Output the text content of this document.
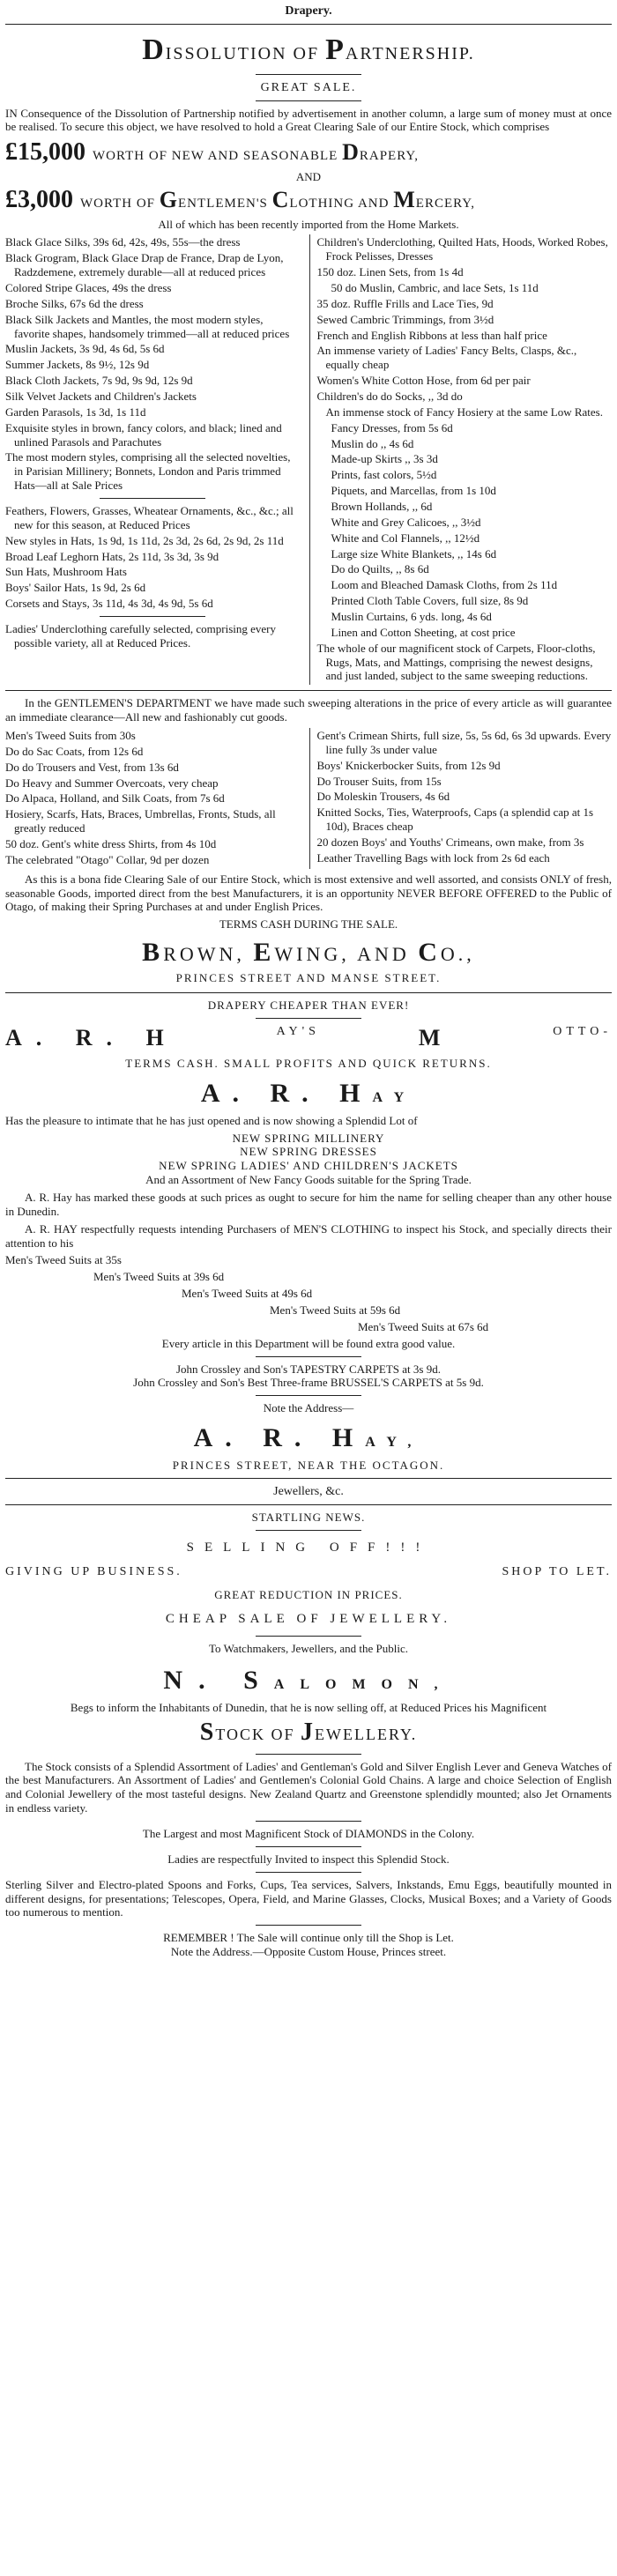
Drapery.
DISSOLUTION OF PARTNERSHIP.
GREAT SALE.

IN Consequence of the Dissolution of Partnership notified by advertisement in another column, a large sum of money must at once be realised. To secure this object, we have resolved to hold a Great Clearing Sale of our Entire Stock, which comprises

£15,000 WORTH OF NEW AND SEASONABLE DRAPERY,
AND
£3,000 WORTH OF GENTLEMEN'S CLOTHING AND MERCERY,
All of which has been recently imported from the Home Markets.
Black Glace Silks, 39s 6d, 42s, 49s, 55s—the dress
Black Grogram, Black Glace Drap de France, Drap de Lyon, Radzdemene, extremely durable—all at reduced prices
Colored Stripe Glaces, 49s the dress
Broche Silks, 67s 6d the dress
Black Silk Jackets and Mantles, the most modern styles, favorite shapes, handsomely trimmed—all at reduced prices
Muslin Jackets, 3s 9d, 4s 6d, 5s 6d
Summer Jackets, 8s 9½, 12s 9d
Black Cloth Jackets, 7s 9d, 9s 9d, 12s 9d
Silk Velvet Jackets and Children's Jackets
Garden Parasols, 1s 3d, 1s 11d
Exquisite styles in brown, fancy colors, and black; lined and unlined Parasols and Parachutes
The most modern styles, comprising all the selected novelties, in Parisian Millinery; Bonnets, London and Paris trimmed Hats—all at Sale Prices
Feathers, Flowers, Grasses, Wheatear Ornaments, &c., &c.; all new for this season, at Reduced Prices
New styles in Hats, 1s 9d, 1s 11d, 2s 3d, 2s 6d, 2s 9d, 2s 11d
Broad Leaf Leghorn Hats, 2s 11d, 3s 3d, 3s 9d
Sun Hats, Mushroom Hats
Boys' Sailor Hats, 1s 9d, 2s 6d
Corsets and Stays, 3s 11d, 4s 3d, 4s 9d, 5s 6d
Ladies' Underclothing carefully selected, comprising every possible variety, all at Reduced Prices.
Children's Underclothing, Quilted Hats, Hoods, Worked Robes, Frock Pelisses, Dresses
150 doz. Linen Sets, from 1s 4d
50 do Muslin, Cambric, and lace Sets, 1s 11d
35 doz. Ruffle Frills and Lace Ties, 9d
Sewed Cambric Trimmings, from 3½d
French and English Ribbons at less than half price
An immense variety of Ladies' Fancy Belts, Clasps, &c., equally cheap
Women's White Cotton Hose, from 6d per pair
Children's do do Socks, ,, 3d do
An immense stock of Fancy Hosiery at the same Low Rates.
Fancy Dresses, from 5s 6d
Muslin do ,, 4s 6d
Made-up Skirts ,, 3s 3d
Prints, fast colors, 5½d
Piquets, and Marcellas, from 1s 10d
Brown Hollands, ,, 6d
White and Grey Calicoes, ,, 3½d
White and Col Flannels, ,, 12½d
Large size White Blankets, ,, 14s 6d
Do do Quilts, ,, 8s 6d
Loom and Bleached Damask Cloths, from 2s 11d
Printed Cloth Table Covers, full size, 8s 9d
Muslin Curtains, 6 yds. long, 4s 6d
Linen and Cotton Sheeting, at cost price
The whole of our magnificent stock of Carpets, Floor-cloths, Rugs, Mats, and Mattings, comprising the newest designs, and just landed, subject to the same sweeping reductions.

In the GENTLEMEN'S DEPARTMENT we have made such sweeping alterations in the price of every article as will guarantee an immediate clearance—All new and fashionably cut goods.

Men's Tweed Suits from 30s
Do do Sac Coats, from 12s 6d
Do do Trousers and Vest, from 13s 6d
Do Heavy and Summer Overcoats, very cheap
Do Alpaca, Holland, and Silk Coats, from 7s 6d
Hosiery, Scarfs, Hats, Braces, Umbrellas, Fronts, Studs, all greatly reduced
50 doz. Gent's white dress Shirts, from 4s 10d
The celebrated "Otago" Collar, 9d per dozen
Gent's Crimean Shirts, full size, 5s, 5s 6d, 6s 3d upwards. Every line fully 3s under value
Boys' Knickerbocker Suits, from 12s 9d
Do Trouser Suits, from 15s
Do Moleskin Trousers, 4s 6d
Knitted Socks, Ties, Waterproofs, Caps (a splendid cap at 1s 10d), Braces cheap
20 dozen Boys' and Youths' Crimeans, own make, from 3s
Leather Travelling Bags with lock from 2s 6d each

As this is a bona fide Clearing Sale of our Entire Stock, which is most extensive and well assorted, and consists ONLY of fresh, seasonable Goods, imported direct from the best Manufacturers, it is an opportunity NEVER BEFORE OFFERED to the Public of Otago, of making their Spring Purchases at and under English Prices.

TERMS CASH DURING THE SALE.
BROWN, EWING, AND CO.,
PRINCES STREET AND MANSE STREET.
DRAPERY CHEAPER THAN EVER!
A. R. H	AY'S	M	OTTO-
TERMS CASH. SMALL PROFITS AND QUICK RETURNS.
A. R. HAY

Has the pleasure to intimate that he has just opened and is now showing a Splendid Lot of

NEW SPRING MILLINERY
NEW SPRING DRESSES
NEW SPRING LADIES' AND CHILDREN'S JACKETS
And an Assortment of New Fancy Goods suitable for the Spring Trade.

A. R. Hay has marked these goods at such prices as ought to secure for him the name for selling cheaper than any other house in Dunedin.

A. R. HAY respectfully requests intending Purchasers of MEN'S CLOTHING to inspect his Stock, and specially directs their attention to his

Men's Tweed Suits at 35s
Men's Tweed Suits at 39s 6d
Men's Tweed Suits at 49s 6d
Men's Tweed Suits at 59s 6d
Men's Tweed Suits at 67s 6d
Every article in this Department will be found extra good value.
John Crossley and Son's TAPESTRY CARPETS at 3s 9d.
John Crossley and Son's Best Three-frame BRUSSEL'S CARPETS at 5s 9d.
Note the Address—
A. R. HAY,
PRINCES STREET, NEAR THE OCTAGON.
Jewellers, &c.
STARTLING NEWS.
SELLING OFF!!!
GIVING UP BUSINESS.	SHOP TO LET.
GREAT REDUCTION IN PRICES.
CHEAP SALE OF JEWELLERY.
To Watchmakers, Jewellers, and the Public.
N. SALOMON,
Begs to inform the Inhabitants of Dunedin, that he is now selling off, at Reduced Prices his Magnificent
STOCK OF JEWELLERY.

The Stock consists of a Splendid Assortment of Ladies' and Gentleman's Gold and Silver English Lever and Geneva Watches of the best Manufacturers. An Assortment of Ladies' and Gentlemen's Colonial Gold Chains. A large and choice Selection of English and Colonial Jewellery of the most tasteful designs. New Zealand Quartz and Greenstone splendidly mounted; also Jet Ornaments in endless variety.

The Largest and most Magnificent Stock of DIAMONDS in the Colony.
Ladies are respectfully Invited to inspect this Splendid Stock.

Sterling Silver and Electro-plated Spoons and Forks, Cups, Tea services, Salvers, Inkstands, Emu Eggs, beautifully mounted in different designs, for presentations; Telescopes, Opera, Field, and Marine Glasses, Clocks, Musical Boxes; and a Variety of Goods too numerous to mention.

REMEMBER ! The Sale will continue only till the Shop is Let.
Note the Address.—Opposite Custom House, Princes street.
